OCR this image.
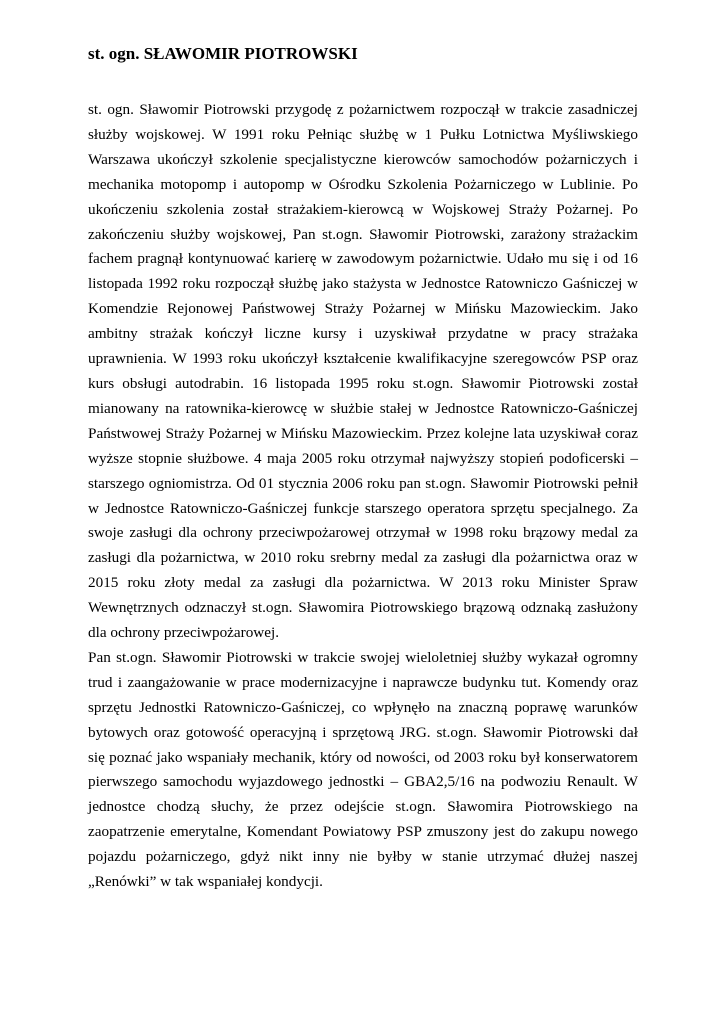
st. ogn. SŁAWOMIR PIOTROWSKI

st. ogn. Sławomir Piotrowski przygodę z pożarnictwem rozpoczął w trakcie zasadniczej służby wojskowej. W 1991 roku Pełniąc służbę w 1 Pułku Lotnictwa Myśliwskiego Warszawa ukończył szkolenie specjalistyczne kierowców samochodów pożarniczych i mechanika motopomp i autopomp w Ośrodku Szkolenia Pożarniczego w Lublinie. Po ukończeniu szkolenia został strażakiem-kierowcą w Wojskowej Straży Pożarnej. Po zakończeniu służby wojskowej, Pan st.ogn. Sławomir Piotrowski, zarażony strażackim fachem pragnął kontynuować karierę w zawodowym pożarnictwie. Udało mu się i od 16 listopada 1992 roku rozpoczął służbę jako stażysta w Jednostce Ratowniczo Gaśniczej w Komendzie Rejonowej Państwowej Straży Pożarnej w Mińsku Mazowieckim. Jako ambitny strażak kończył liczne kursy i uzyskiwał przydatne w pracy strażaka uprawnienia. W 1993 roku ukończył kształcenie kwalifikacyjne szeregowców PSP oraz kurs obsługi autodrabin. 16 listopada 1995 roku st.ogn. Sławomir Piotrowski został mianowany na ratownika-kierowcę w służbie stałej w Jednostce Ratowniczo-Gaśniczej Państwowej Straży Pożarnej w Mińsku Mazowieckim. Przez kolejne lata uzyskiwał coraz wyższe stopnie służbowe. 4 maja 2005 roku otrzymał najwyższy stopień podoficerski – starszego ogniomistrza. Od 01 stycznia 2006 roku pan st.ogn. Sławomir Piotrowski pełnił w Jednostce Ratowniczo-Gaśniczej funkcje starszego operatora sprzętu specjalnego. Za swoje zasługi dla ochrony przeciwpożarowej otrzymał w 1998 roku brązowy medal za zasługi dla pożarnictwa, w 2010 roku srebrny medal za zasługi dla pożarnictwa oraz w 2015 roku złoty medal za zasługi dla pożarnictwa. W 2013 roku Minister Spraw Wewnętrznych odznaczył st.ogn. Sławomira Piotrowskiego brązową odznaką zasłużony dla ochrony przeciwpożarowej.

Pan st.ogn. Sławomir Piotrowski w trakcie swojej wieloletniej służby wykazał ogromny trud i zaangażowanie w prace modernizacyjne i naprawcze budynku tut. Komendy oraz sprzętu Jednostki Ratowniczo-Gaśniczej, co wpłynęło na znaczną poprawę warunków bytowych oraz gotowość operacyjną i sprzętową JRG. st.ogn. Sławomir Piotrowski dał się poznać jako wspaniały mechanik, który od nowości, od 2003 roku był konserwatorem pierwszego samochodu wyjazdowego jednostki – GBA2,5/16 na podwoziu Renault. W jednostce chodzą słuchy, że przez odejście st.ogn. Sławomira Piotrowskiego na zaopatrzenie emerytalne, Komendant Powiatowy PSP zmuszony jest do zakupu nowego pojazdu pożarniczego, gdyż nikt inny nie byłby w stanie utrzymać dłużej naszej „Renówki” w tak wspaniałej kondycji.
